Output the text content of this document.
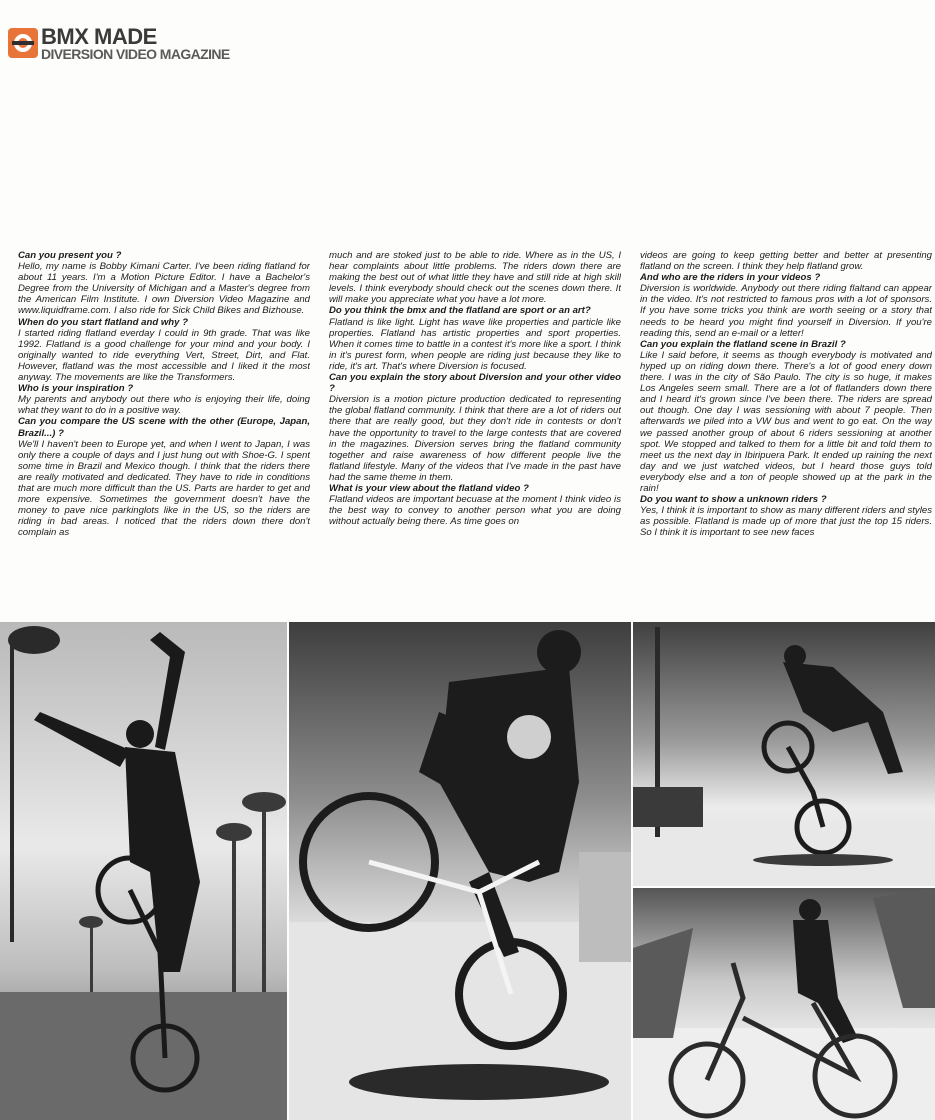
BMX MADE
DIVERSION VIDEO MAGAZINE

Can you present you ?

Hello, my name is Bobby Kimani Carter. I've been riding flatland for about 11 years. I'm a Motion Picture Editor. I have a Bachelor's Degree from the University of Michigan and a Master's degree from the American Film Institute. I own Diversion Video Magazine and www.liquidframe.com. I also ride for Sick Child Bikes and Bizhouse.

When do you start flatland and why ?

I started riding flatland everday I could in 9th grade. That was like 1992. Flatland is a good challenge for your mind and your body. I originally wanted to ride everything Vert, Street, Dirt, and Flat. However, flatland was the most accessible and I liked it the most anyway. The movements are like the Transformers.

Who is your inspiration ?

My parents and anybody out there who is enjoying their life, doing what they want to do in a positive way.

Can you compare the US scene with the other (Europe, Japan, Brazil...) ?

We'll I haven't been to Europe yet, and when I went to Japan, I was only there a couple of days and I just hung out with Shoe-G. I spent some time in Brazil and Mexico though. I think that the riders there are really motivated and dedicated. They have to ride in conditions that are much more difficult than the US. Parts are harder to get and more expensive. Sometimes the government doesn't have the money to pave nice parkinglots like in the US, so the riders are riding in bad areas. I noticed that the riders down there don't complain as

much and are stoked just to be able to ride. Where as in the US, I hear complaints about little problems. The riders down there are making the best out of what little they have and still ride at high skill levels. I think everybody should check out the scenes down there. It will make you appreciate what you have a lot more.

Do you think the bmx and the flatland are sport or an art?

Flatland is like light. Light has wave like properties and particle like properties. Flatland has artistic properties and sport properties. When it comes time to battle in a contest it's more like a sport. I think in it's purest form, when people are riding just because they like to ride, it's art. That's where Diversion is focused.

Can you explain the story about Diversion and your other video ?

Diversion is a motion picture production dedicated to representing the global flatland community. I think that there are a lot of riders out there that are really good, but they don't ride in contests or don't have the opportunity to travel to the large contests that are covered in the magazines. Diversion serves bring the flatland community together and raise awareness of how different people live the flatland lifestyle. Many of the videos that I've made in the past have had the same theme in them.

What is your view about the flatland video ?

Flatland videos are important becuase at the moment I think video is the best way to convey to another person what you are doing without actually being there. As time goes on

videos are going to keep getting better and better at presenting flatland on the screen. I think they help flatland grow.

And who are the riders in your videos ?

Diversion is worldwide. Anybody out there riding flaltand can appear in the video. It's not restricted to famous pros with a lot of sponsors. If you have some tricks you think are worth seeing or a story that needs to be heard you might find yourself in Diversion. If you're reading this, send an e-mail or a letter!

Can you explain the flatland scene in Brazil ?

Like I said before, it seems as though everybody is motivated and hyped up on riding down there. There's a lot of good enery down there. I was in the city of São Paulo. The city is so huge, it makes Los Angeles seem small. There are a lot of flatlanders down there and I heard it's grown since I've been there. The riders are spread out though. One day I was sessioning with about 7 people. Then afterwards we piled into a VW bus and went to go eat. On the way we passed another group of about 6 riders sessioning at another spot. We stopped and talked to them for a little bit and told them to meet us the next day in Ibiripuera Park. It ended up raining the next day and we just watched videos, but I heard those guys told everybody else and a ton of people showed up at the park in the rain!

Do you want to show a unknown riders ?

Yes, I think it is important to show as many different riders and styles as possible. Flatland is made up of more that just the top 15 riders. So I think it is important to see new faces
